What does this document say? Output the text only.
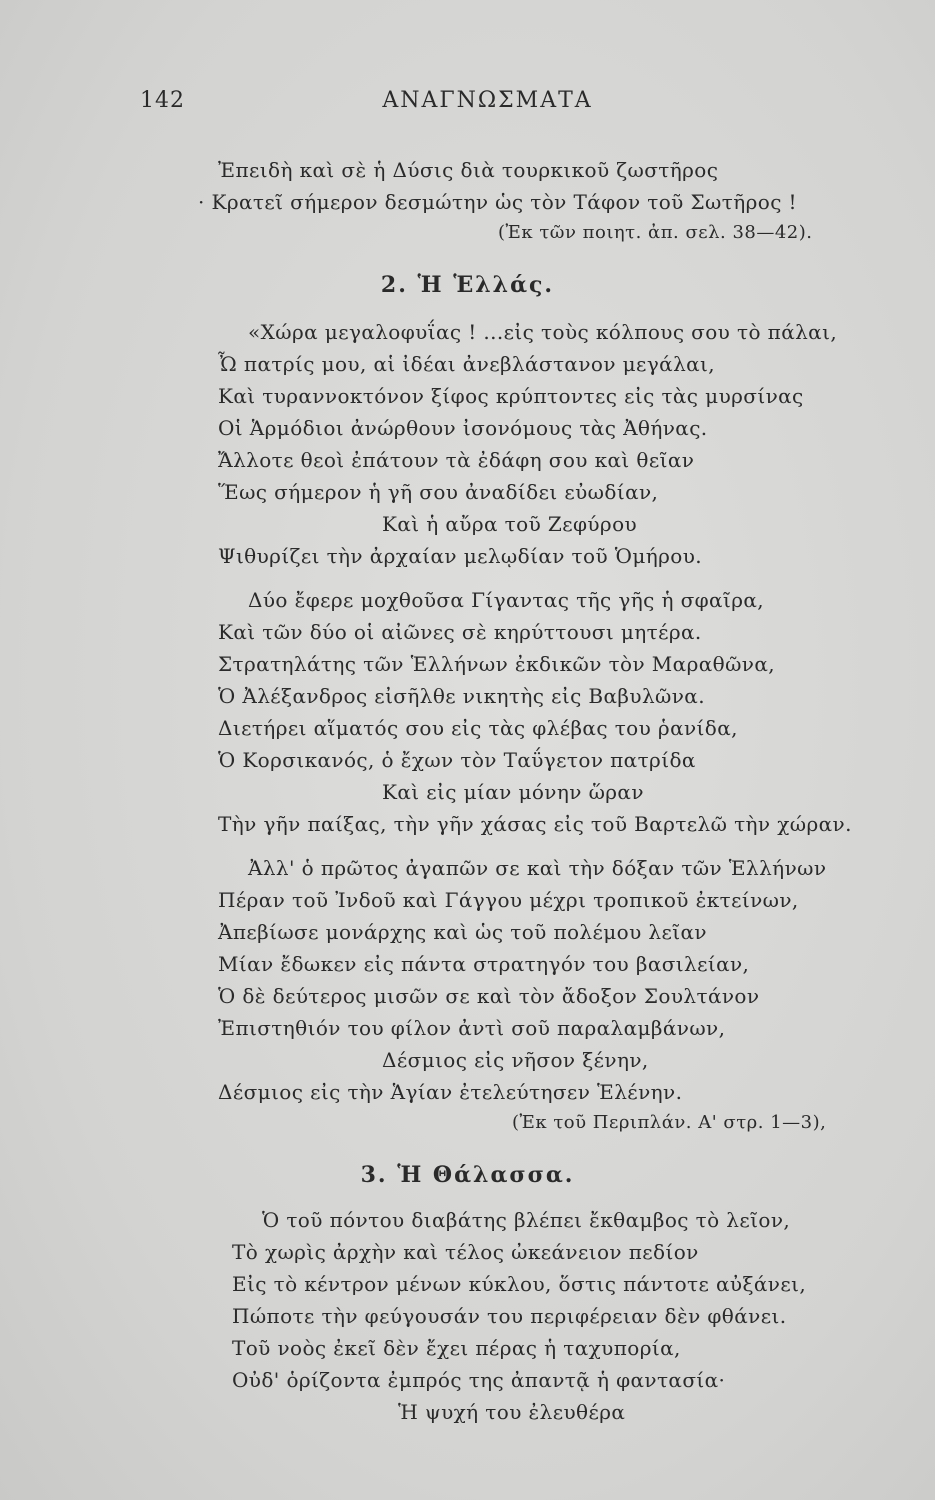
142	ΑΝΑΓΝΩΣΜΑΤΑ
Ἐπειδὴ καὶ σὲ ἡ Δύσις διὰ τουρκικοῦ ζωστῆρος
· Κρατεῖ σήμερον δεσμώτην ὡς τὸν Τάφον τοῦ Σωτῆρος !
(Ἐκ τῶν ποιητ. ἀπ. σελ. 38—42).
2. Ἡ Ἑλλάς.
«Χώρα μεγαλοφυΐας ! ...εἰς τοὺς κόλπους σου τὸ πάλαι,
Ὦ πατρίς μου, αἱ ἰδέαι ἀνεβλάστανον μεγάλαι,
Καὶ τυραννοκτόνον ξίφος κρύπτοντες εἰς τὰς μυρσίνας
Οἱ Ἁρμόδιοι ἀνώρθουν ἰσονόμους τὰς Ἀθήνας.
Ἄλλοτε θεοὶ ἐπάτουν τὰ ἐδάφη σου καὶ θεῖαν
Ἕως σήμερον ἡ γῆ σου ἀναδίδει εὐωδίαν,
Καὶ ἡ αὔρα τοῦ Ζεφύρου
Ψιθυρίζει τὴν ἀρχαίαν μελῳδίαν τοῦ Ὁμήρου.
Δύο ἔφερε μοχθοῦσα Γίγαντας τῆς γῆς ἡ σφαῖρα,
Καὶ τῶν δύο οἱ αἰῶνες σὲ κηρύττουσι μητέρα.
Στρατηλάτης τῶν Ἑλλήνων ἐκδικῶν τὸν Μαραθῶνα,
Ὁ Ἀλέξανδρος εἰσῆλθε νικητὴς εἰς Βαβυλῶνα.
Διετήρει αἵματός σου εἰς τὰς φλέβας του ῥανίδα,
Ὁ Κορσικανός, ὁ ἔχων τὸν Ταΰγετον πατρίδα
Καὶ εἰς μίαν μόνην ὥραν
Τὴν γῆν παίξας, τὴν γῆν χάσας εἰς τοῦ Βαρτελῶ τὴν χώραν.
Ἀλλ' ὁ πρῶτος ἀγαπῶν σε καὶ τὴν δόξαν τῶν Ἑλλήνων
Πέραν τοῦ Ἰνδοῦ καὶ Γάγγου μέχρι τροπικοῦ ἐκτείνων,
Ἀπεβίωσε μονάρχης καὶ ὡς τοῦ πολέμου λεῖαν
Μίαν ἔδωκεν εἰς πάντα στρατηγόν του βασιλείαν,
Ὁ δὲ δεύτερος μισῶν σε καὶ τὸν ἄδοξον Σουλτάνον
Ἐπιστηθιόν του φίλον ἀντὶ σοῦ παραλαμβάνων,
Δέσμιος εἰς νῆσον ξένην,
Δέσμιος εἰς τὴν Ἁγίαν ἐτελεύτησεν Ἑλένην.
(Ἐκ τοῦ Περιπλάν. Α' στρ. 1—3),
3. Ἡ Θάλασσα.
Ὁ τοῦ πόντου διαβάτης βλέπει ἔκθαμβος τὸ λεῖον,
Τὸ χωρὶς ἀρχὴν καὶ τέλος ὠκεάνειον πεδίον
Εἰς τὸ κέντρον μένων κύκλου, ὅστις πάντοτε αὐξάνει,
Πώποτε τὴν φεύγουσάν του περιφέρειαν δὲν φθάνει.
Τοῦ νοὸς ἐκεῖ δὲν ἔχει πέρας ἡ ταχυπορία,
Οὐδ' ὁρίζοντα ἐμπρός της ἀπαντᾷ ἡ φαντασία·
Ἡ ψυχή του ἐλευθέρα
